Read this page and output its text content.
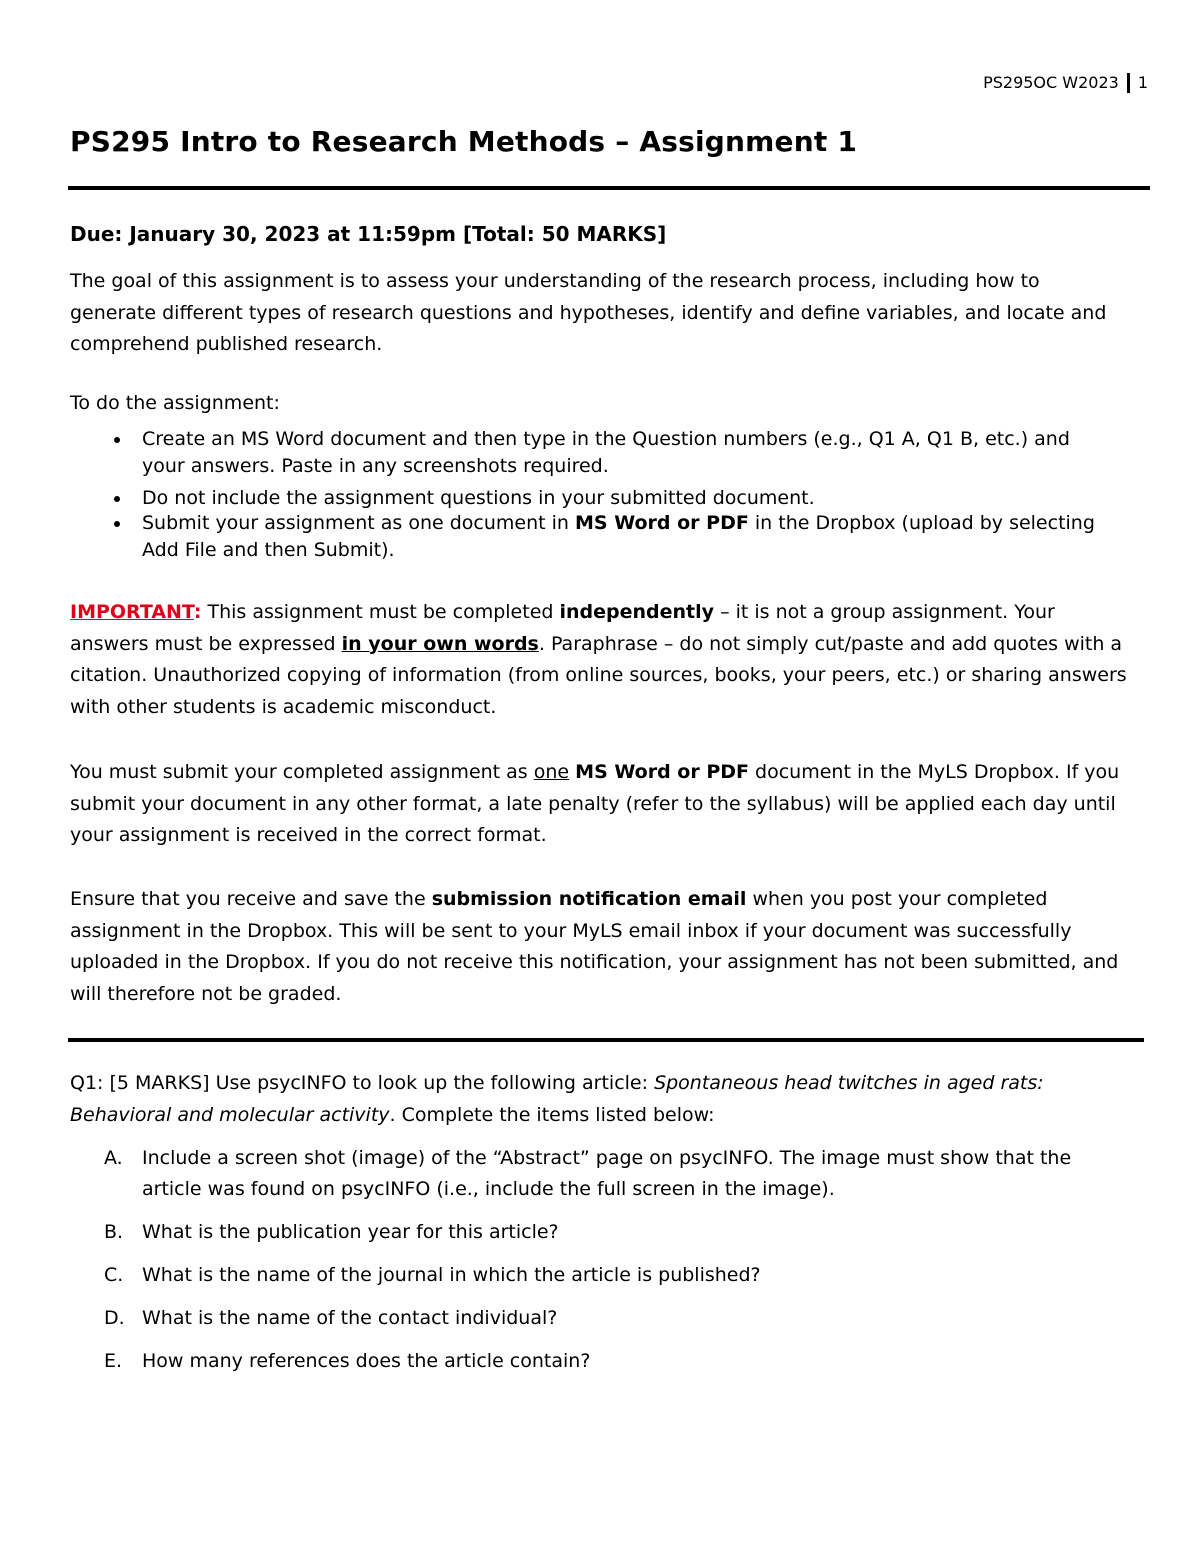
PS295OC W2023 1
PS295 Intro to Research Methods – Assignment 1

Due: January 30, 2023 at 11:59pm [Total: 50 MARKS]

The goal of this assignment is to assess your understanding of the research process, including how to generate different types of research questions and hypotheses, identify and define variables, and locate and comprehend published research.

To do the assignment:

Create an MS Word document and then type in the Question numbers (e.g., Q1 A, Q1 B, etc.) and your answers. Paste in any screenshots required.
Do not include the assignment questions in your submitted document.
Submit your assignment as one document in MS Word or PDF in the Dropbox (upload by selecting Add File and then Submit).

IMPORTANT: This assignment must be completed independently – it is not a group assignment. Your answers must be expressed in your own words. Paraphrase – do not simply cut/paste and add quotes with a citation. Unauthorized copying of information (from online sources, books, your peers, etc.) or sharing answers with other students is academic misconduct.

You must submit your completed assignment as one MS Word or PDF document in the MyLS Dropbox. If you submit your document in any other format, a late penalty (refer to the syllabus) will be applied each day until your assignment is received in the correct format.

Ensure that you receive and save the submission notification email when you post your completed assignment in the Dropbox. This will be sent to your MyLS email inbox if your document was successfully uploaded in the Dropbox. If you do not receive this notification, your assignment has not been submitted, and will therefore not be graded.

Q1: [5 MARKS] Use psycINFO to look up the following article: Spontaneous head twitches in aged rats: Behavioral and molecular activity. Complete the items listed below:

A. Include a screen shot (image) of the “Abstract” page on psycINFO. The image must show that the article was found on psycINFO (i.e., include the full screen in the image).
B. What is the publication year for this article?
C. What is the name of the journal in which the article is published?
D. What is the name of the contact individual?
E. How many references does the article contain?
